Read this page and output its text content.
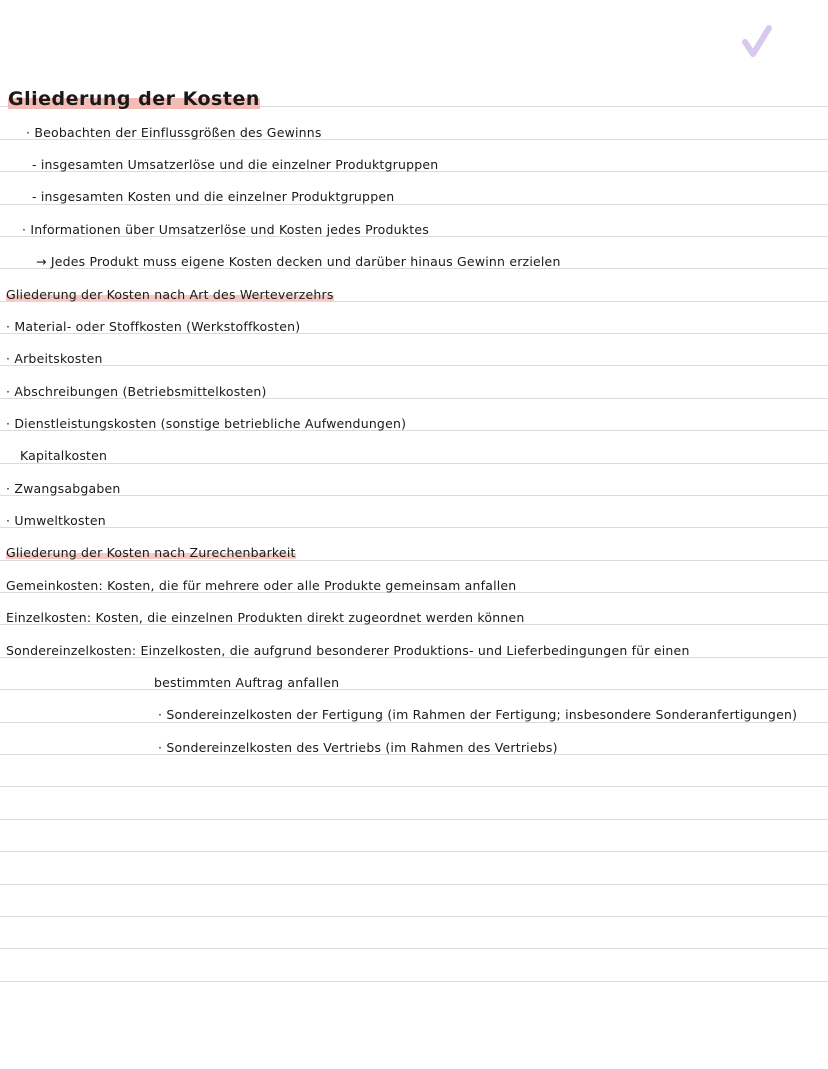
Gliederung der Kosten
· Beobachten der Einflussgrößen des Gewinns
- insgesamten Umsatzerlöse und die einzelner Produktgruppen
- insgesamten Kosten und die einzelner Produktgruppen
· Informationen über Umsatzerlöse und Kosten jedes Produktes
→ Jedes Produkt muss eigene Kosten decken und darüber hinaus Gewinn erzielen
Gliederung der Kosten nach Art des Werteverzehrs
· Material- oder Stoffkosten (Werkstoffkosten)
· Arbeitskosten
· Abschreibungen (Betriebsmittelkosten)
· Dienstleistungskosten (sonstige betriebliche Aufwendungen)
Kapitalkosten
· Zwangsabgaben
· Umweltkosten
Gliederung der Kosten nach Zurechenbarkeit
Gemeinkosten: Kosten, die für mehrere oder alle Produkte gemeinsam anfallen
Einzelkosten: Kosten, die einzelnen Produkten direkt zugeordnet werden können
Sondereinzelkosten: Einzelkosten, die aufgrund besonderer Produktions- und Lieferbedingungen für einen
bestimmten Auftrag anfallen
· Sondereinzelkosten der Fertigung (im Rahmen der Fertigung; insbesondere Sonderanfertigungen)
· Sondereinzelkosten des Vertriebs (im Rahmen des Vertriebs)
